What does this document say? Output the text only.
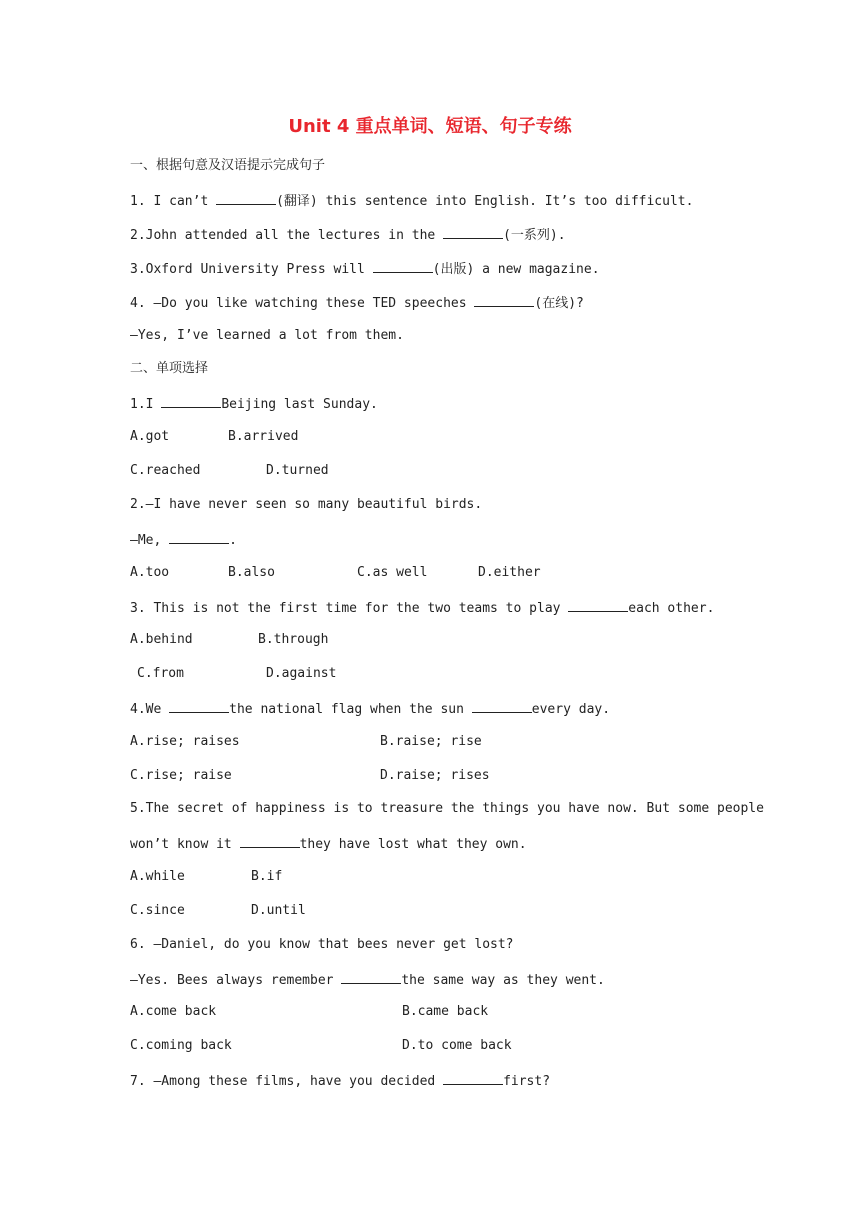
Unit 4 重点单词、短语、句子专练
一、根据句意及汉语提示完成句子
1. I can’t	(翻译) this sentence into English. It’s too difficult.
2.John attended all the lectures in the	(一系列).
3.Oxford University Press will	(出版) a new magazine.
4. —Do you like watching these TED speeches	(在线)?
—Yes, I’ve learned a lot from them.
二、单项选择
1.I	Beijing last Sunday.
A.got	B.arrived
C.reached	D.turned
2.—I have never seen so many beautiful birds.
—Me,	.
A.too	B.also	C.as well	D.either
3. This is not the first time for the two teams to play	each other.
A.behind	B.through
C.from	D.against
4.We	the national flag when the sun	every day.
A.rise; raises	B.raise; rise
C.rise; raise	D.raise; rises
5.The secret of happiness is to treasure the things you have now. But some people
won’t know it	they have lost what they own.
A.while	B.if
C.since	D.until
6. —Daniel, do you know that bees never get lost?
—Yes. Bees always remember	the same way as they went.
A.come back	B.came back
C.coming back	D.to come back
7. —Among these films, have you decided	first?
